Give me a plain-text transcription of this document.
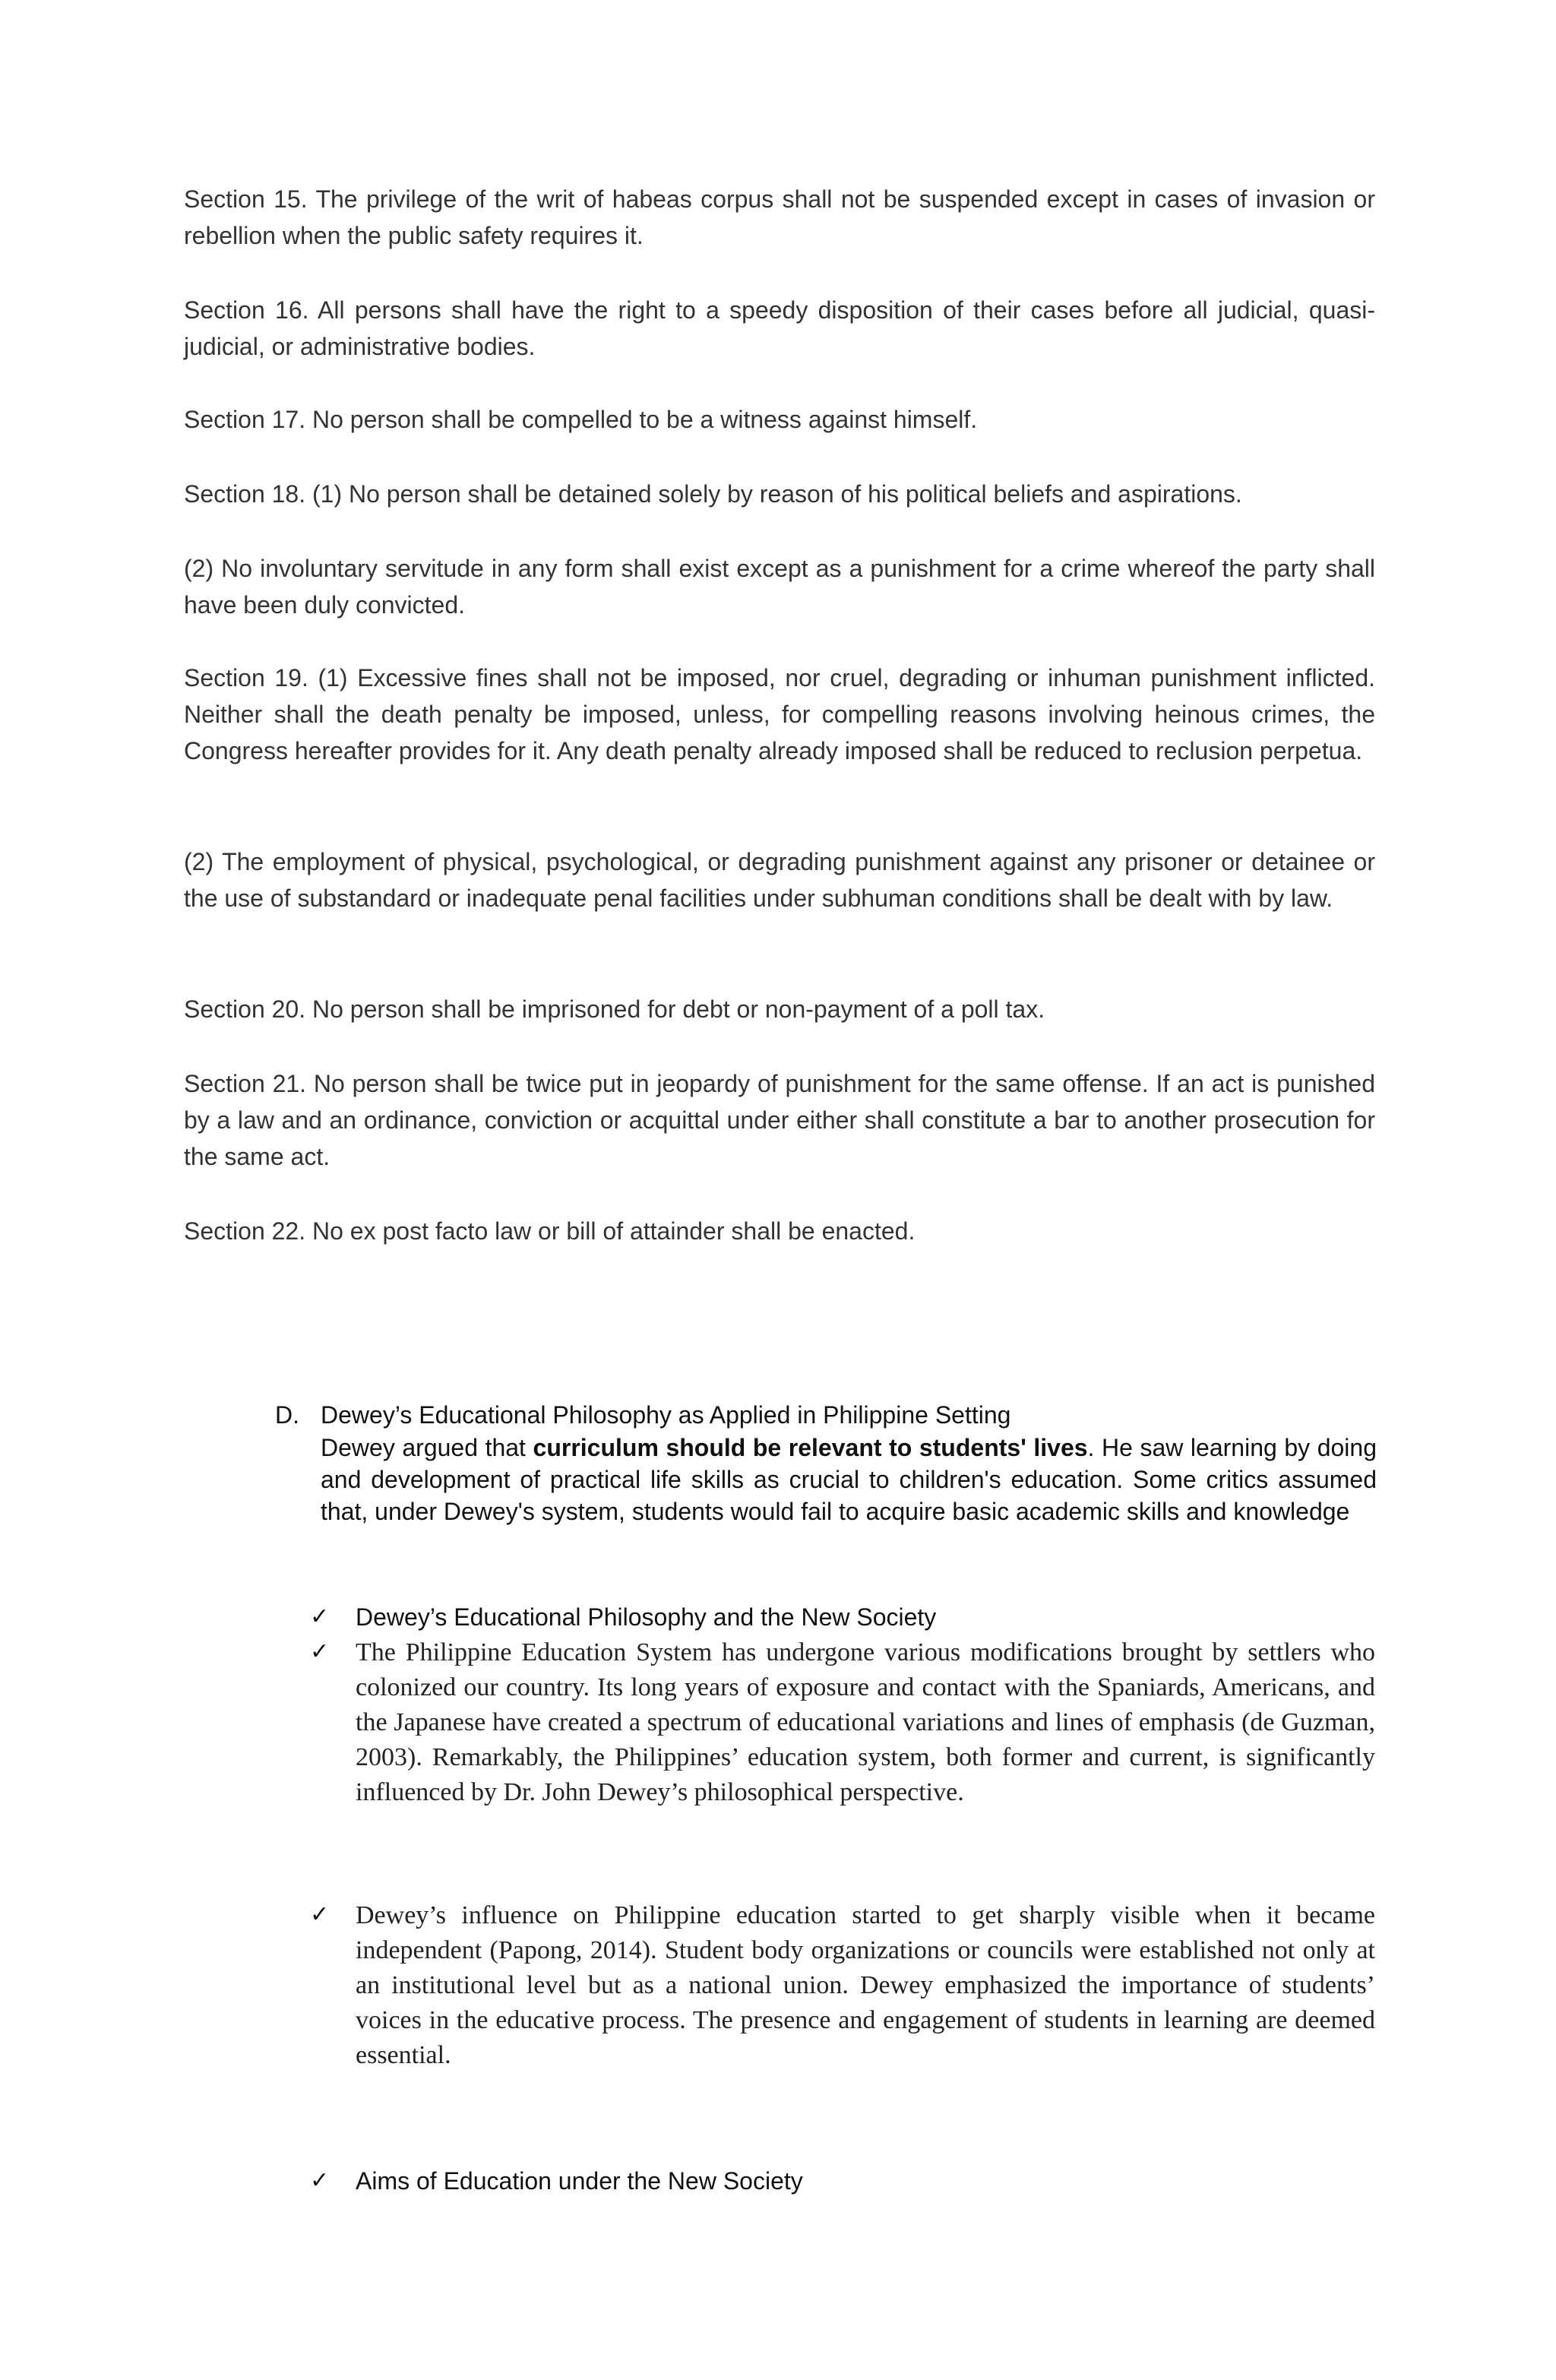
Section 15. The privilege of the writ of habeas corpus shall not be suspended except in cases of invasion or rebellion when the public safety requires it.

Section 16. All persons shall have the right to a speedy disposition of their cases before all judicial, quasi-judicial, or administrative bodies.

Section 17. No person shall be compelled to be a witness against himself.

Section 18. (1) No person shall be detained solely by reason of his political beliefs and aspirations.

(2) No involuntary servitude in any form shall exist except as a punishment for a crime whereof the party shall have been duly convicted.

Section 19. (1) Excessive fines shall not be imposed, nor cruel, degrading or inhuman punishment inflicted. Neither shall the death penalty be imposed, unless, for compelling reasons involving heinous crimes, the Congress hereafter provides for it. Any death penalty already imposed shall be reduced to reclusion perpetua.

(2) The employment of physical, psychological, or degrading punishment against any prisoner or detainee or the use of substandard or inadequate penal facilities under subhuman conditions shall be dealt with by law.

Section 20. No person shall be imprisoned for debt or non-payment of a poll tax.

Section 21. No person shall be twice put in jeopardy of punishment for the same offense. If an act is punished by a law and an ordinance, conviction or acquittal under either shall constitute a bar to another prosecution for the same act.

Section 22. No ex post facto law or bill of attainder shall be enacted.

D. Dewey’s Educational Philosophy as Applied in Philippine Setting
Dewey argued that curriculum should be relevant to students' lives. He saw learning by doing and development of practical life skills as crucial to children's education. Some critics assumed that, under Dewey's system, students would fail to acquire basic academic skills and knowledge
✓	Dewey’s Educational Philosophy and the New Society
✓	The Philippine Education System has undergone various modifications brought by settlers who colonized our country. Its long years of exposure and contact with the Spaniards, Americans, and the Japanese have created a spectrum of educational variations and lines of emphasis (de Guzman, 2003). Remarkably, the Philippines’ education system, both former and current, is significantly influenced by Dr. John Dewey’s philosophical perspective.
✓	Dewey’s influence on Philippine education started to get sharply visible when it became independent (Papong, 2014). Student body organizations or councils were established not only at an institutional level but as a national union. Dewey emphasized the importance of students’ voices in the educative process. The presence and engagement of students in learning are deemed essential.
✓	Aims of Education under the New Society
